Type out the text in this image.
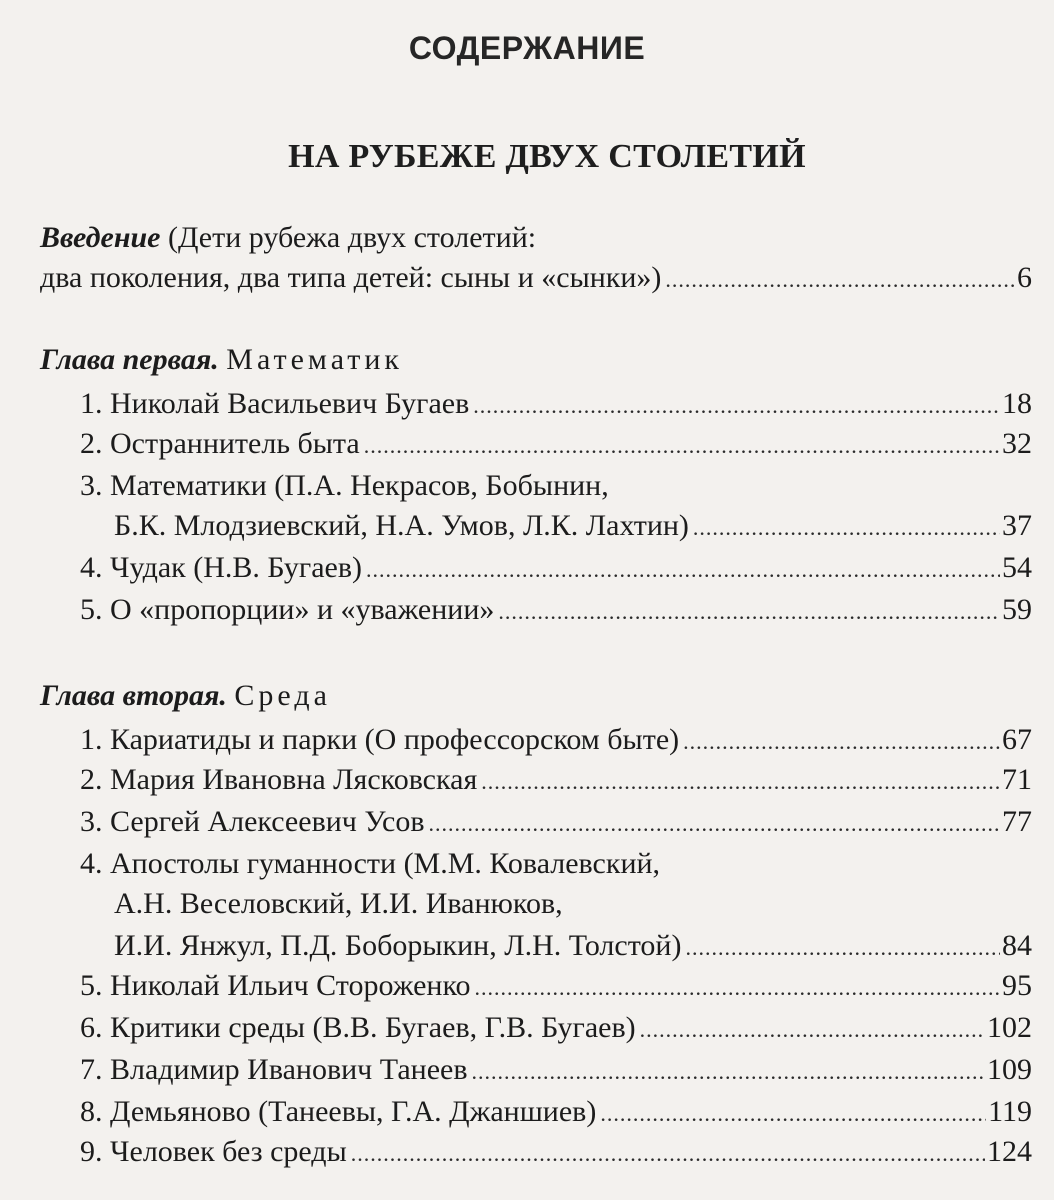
СОДЕРЖАНИЕ
НА РУБЕЖЕ ДВУХ СТОЛЕТИЙ
Введение (Дети рубежа двух столетий:
два поколения, два типа детей: сыны и «сынки») .....	6
Глава первая. Математик
1. Николай Васильевич Бугаев .....	18
2. Остраннитель быта .....	32
3. Математики (П.А. Некрасов, Бобынин,
Б.К. Млодзиевский, Н.А. Умов, Л.К. Лахтин) .....	37
4. Чудак (Н.В. Бугаев) .....	54
5. О «пропорции» и «уважении» .....	59
Глава вторая. Среда
1. Кариатиды и парки (О профессорском быте) .....	67
2. Мария Ивановна Лясковская .....	71
3. Сергей Алексеевич Усов .....	77
4. Апостолы гуманности (М.М. Ковалевский,
А.Н. Веселовский, И.И. Иванюков,
И.И. Янжул, П.Д. Боборыкин, Л.Н. Толстой) .....	84
5. Николай Ильич Стороженко .....	95
6. Критики среды (В.В. Бугаев, Г.В. Бугаев) .....	102
7. Владимир Иванович Танеев .....	109
8. Демьяново (Танеевы, Г.А. Джаншиев) .....	119
9. Человек без среды .....	124
